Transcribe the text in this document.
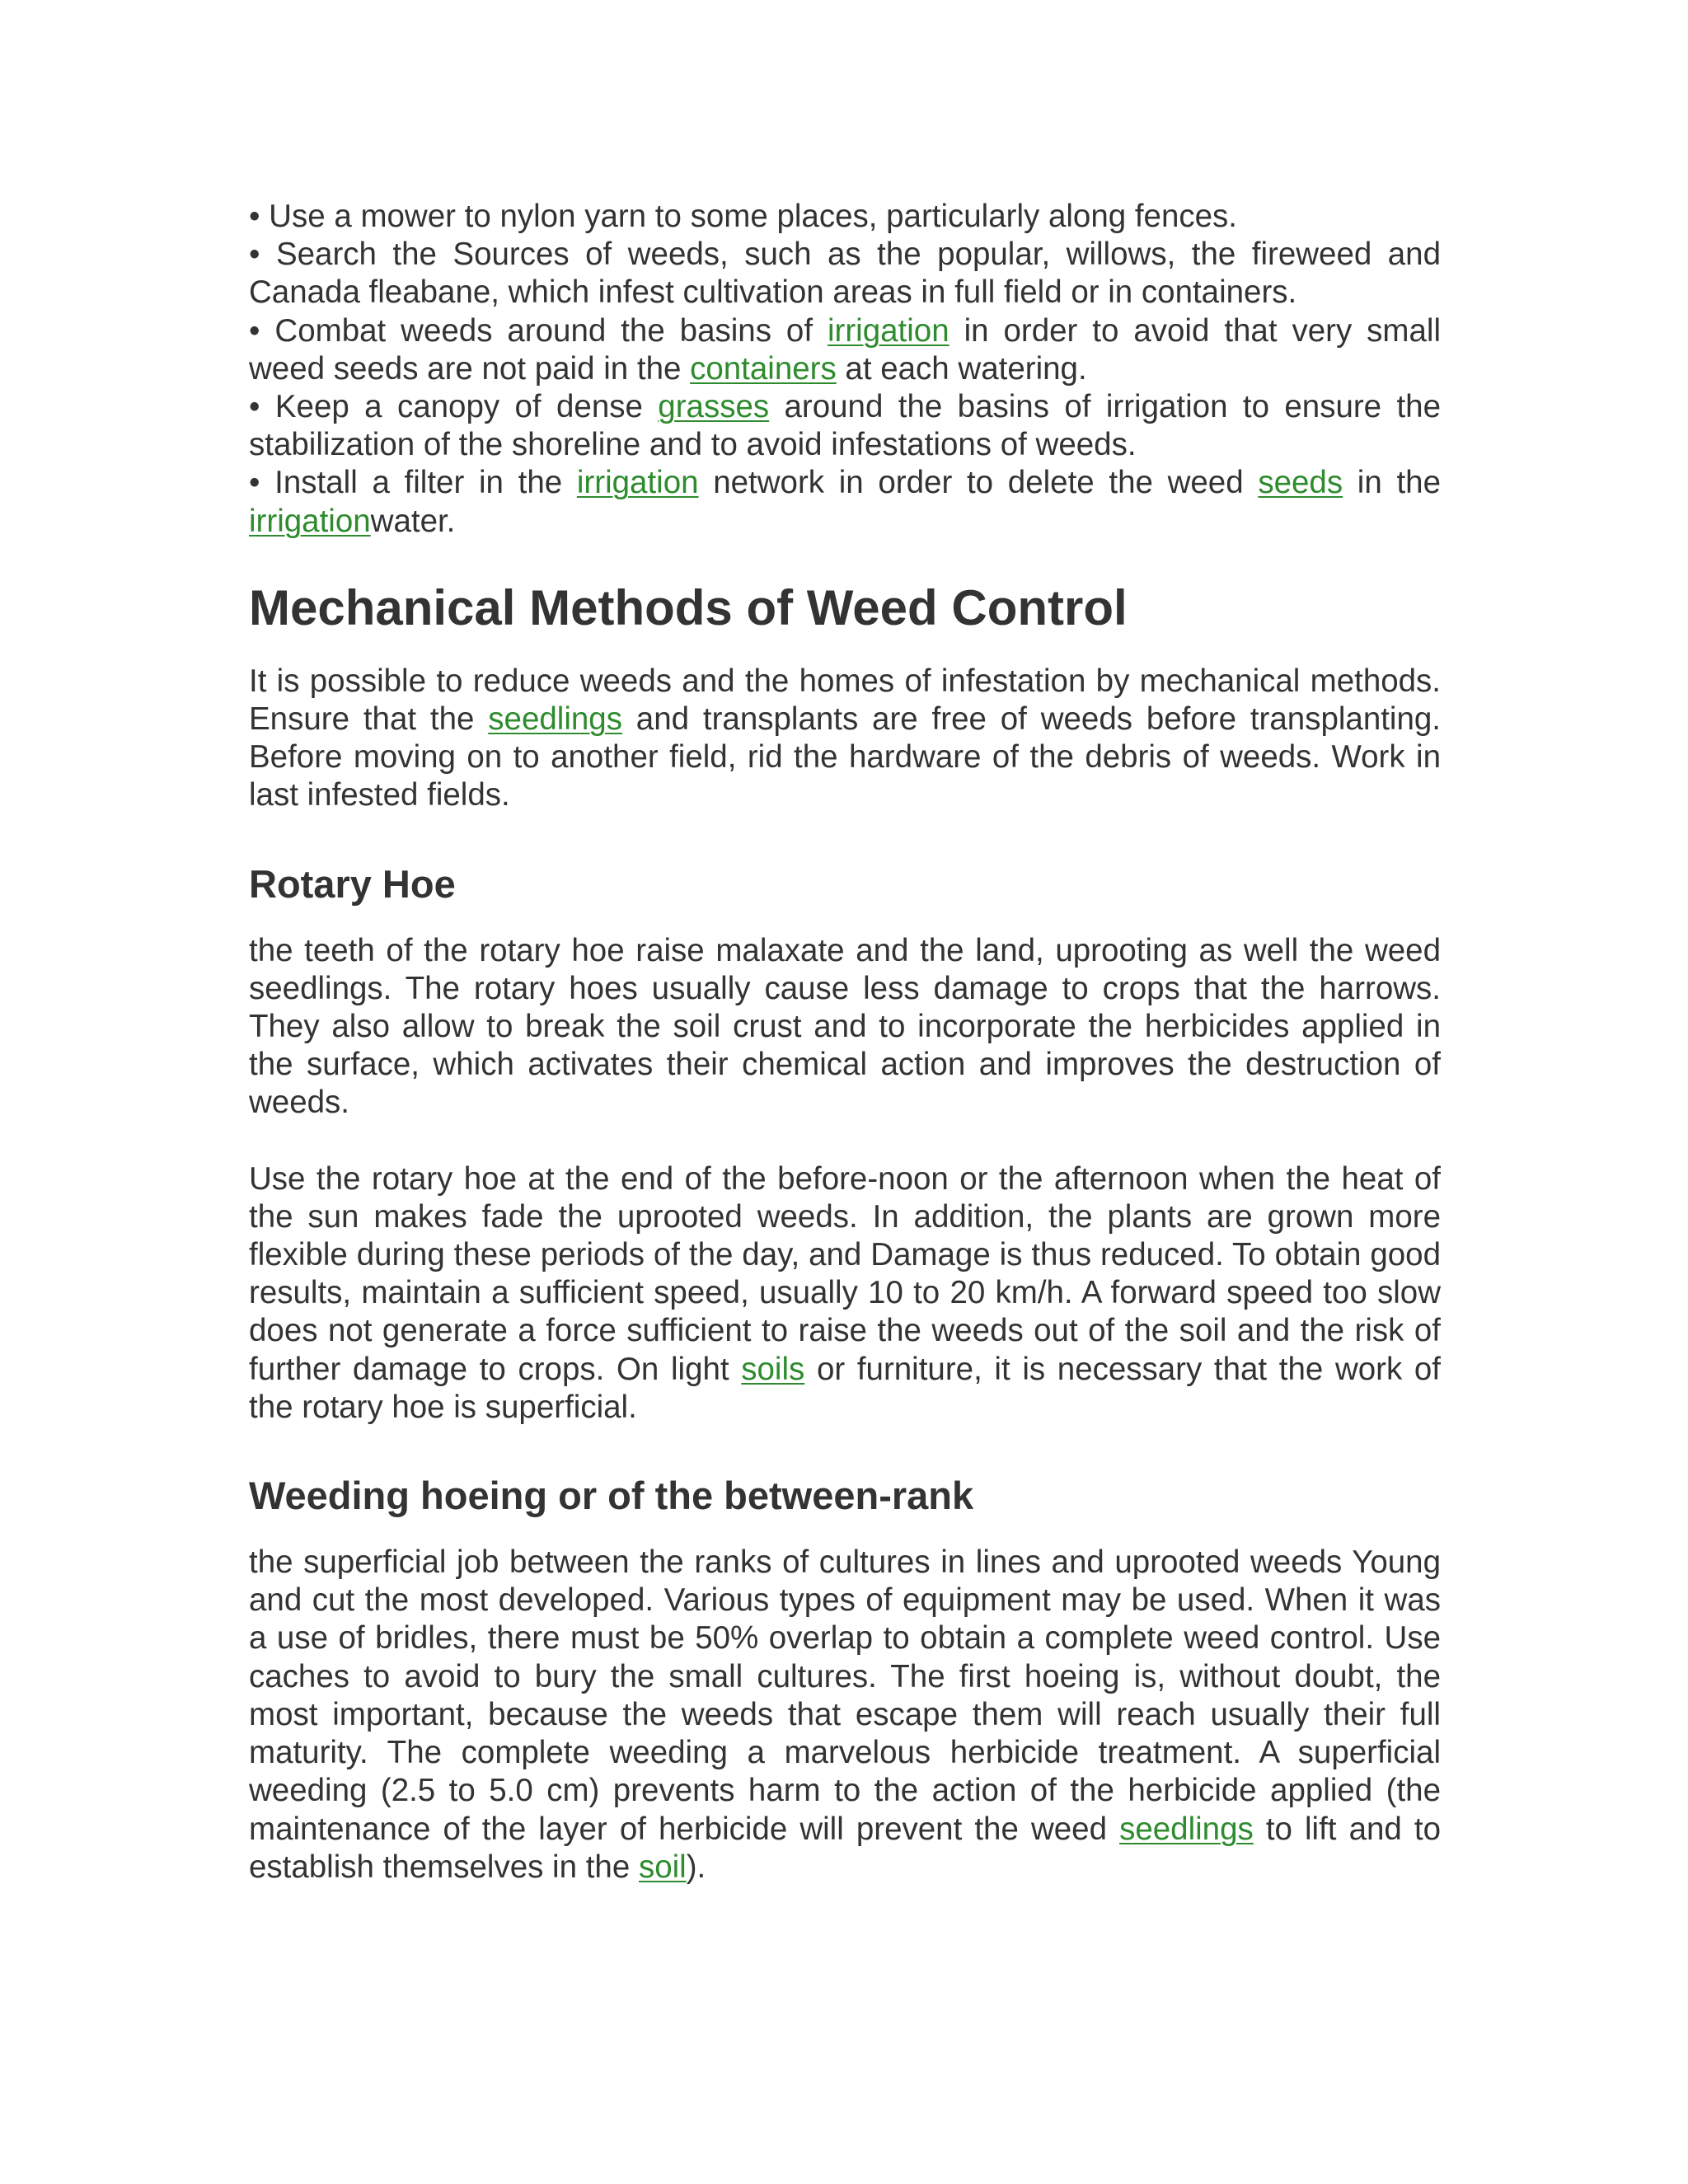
• Use a mower to nylon yarn to some places, particularly along fences.

• Search the Sources of weeds, such as the popular, willows, the fireweed and Canada fleabane, which infest cultivation areas in full field or in containers.

• Combat weeds around the basins of irrigation in order to avoid that very small weed seeds are not paid in the containers at each watering.

• Keep a canopy of dense grasses around the basins of irrigation to ensure the stabilization of the shoreline and to avoid infestations of weeds.

• Install a filter in the irrigation network in order to delete the weed seeds in the irrigationwater.

Mechanical Methods of Weed Control

It is possible to reduce weeds and the homes of infestation by mechanical methods. Ensure that the seedlings and transplants are free of weeds before transplanting. Before moving on to another field, rid the hardware of the debris of weeds. Work in last infested fields.

Rotary Hoe

the teeth of the rotary hoe raise malaxate and the land, uprooting as well the weed seedlings. The rotary hoes usually cause less damage to crops that the harrows. They also allow to break the soil crust and to incorporate the herbicides applied in the surface, which activates their chemical action and improves the destruction of weeds.

Use the rotary hoe at the end of the before-noon or the afternoon when the heat of the sun makes fade the uprooted weeds. In addition, the plants are grown more flexible during these periods of the day, and Damage is thus reduced. To obtain good results, maintain a sufficient speed, usually 10 to 20 km/h. A forward speed too slow does not generate a force sufficient to raise the weeds out of the soil and the risk of further damage to crops. On light soils or furniture, it is necessary that the work of the rotary hoe is superficial.

Weeding hoeing or of the between-rank

the superficial job between the ranks of cultures in lines and uprooted weeds Young and cut the most developed. Various types of equipment may be used. When it was a use of bridles, there must be 50% overlap to obtain a complete weed control. Use caches to avoid to bury the small cultures. The first hoeing is, without doubt, the most important, because the weeds that escape them will reach usually their full maturity. The complete weeding a marvelous herbicide treatment. A superficial weeding (2.5 to 5.0 cm) prevents harm to the action of the herbicide applied (the maintenance of the layer of herbicide will prevent the weed seedlings to lift and to establish themselves in the soil).
